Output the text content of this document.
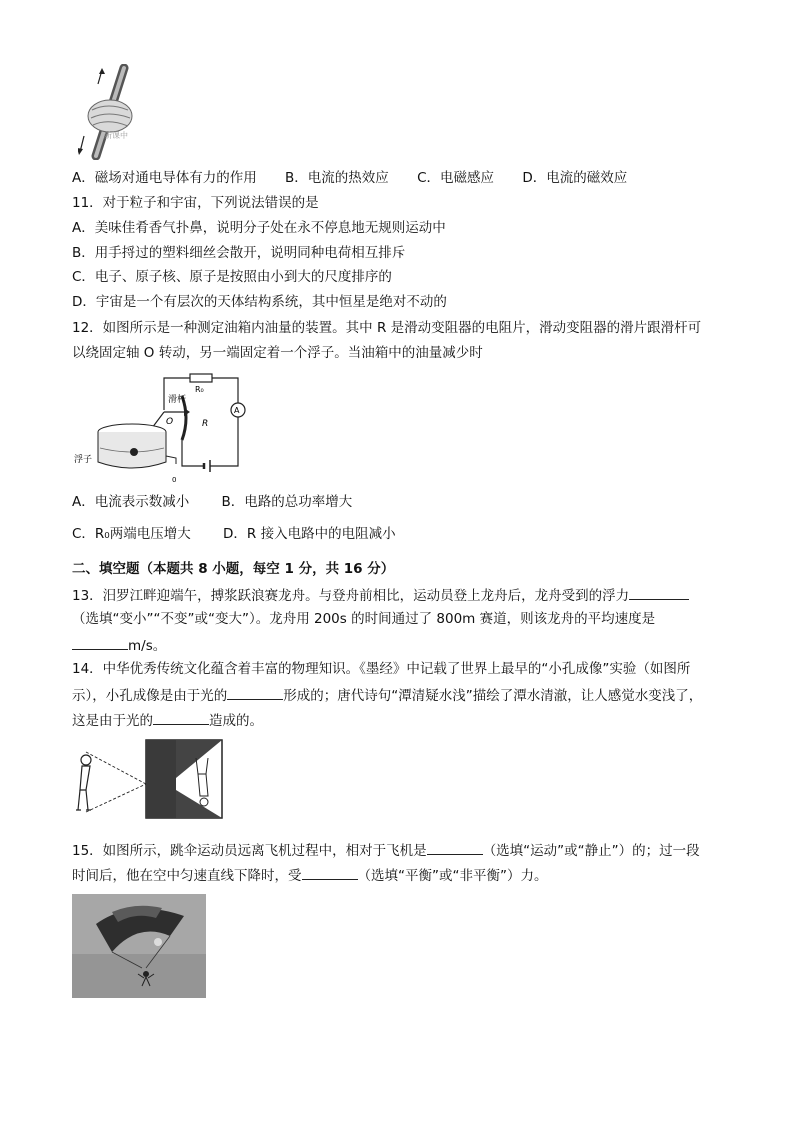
新课中
A．磁场对通电导体有力的作用 B．电流的热效应 C．电磁感应 D．电流的磁效应
11．对于粒子和宇宙，下列说法错误的是
A．美味佳肴香气扑鼻，说明分子处在永不停息地无规则运动中
B．用手捋过的塑料细丝会散开，说明同种电荷相互排斥
C．电子、原子核、原子是按照由小到大的尺度排序的
D．宇宙是一个有层次的天体结构系统，其中恒星是绝对不动的
12．如图所示是一种测定油箱内油量的装置。其中 R 是滑动变阻器的电阻片，滑动变阻器的滑片跟滑杆可
以绕固定轴 O 转动，另一端固定着一个浮子。当油箱中的油量减少时
R₀
A
R
滑杆
O
浮子
0
A．电流表示数减小 B．电路的总功率增大
C．R₀两端电压增大 D．R 接入电路中的电阻减小
二、填空题（本题共 8 小题，每空 1 分，共 16 分）
13．汨罗江畔迎端午，搏浆跃浪赛龙舟。与登舟前相比，运动员登上龙舟后，龙舟受到的浮力
（选填“变小”“不变”或“变大”）。龙舟用 200s 的时间通过了 800m 赛道，则该龙舟的平均速度是
m/s。
14．中华优秀传统文化蕴含着丰富的物理知识。《墨经》中记载了世界上最早的“小孔成像”实验（如图所
示），小孔成像是由于光的	形成的；唐代诗句“潭清疑水浅”描绘了潭水清澈，让人感觉水变浅了，
这是由于光的	造成的。
15．如图所示，跳伞运动员远离飞机过程中，相对于飞机是	（选填“运动”或“静止”）的；过一段
时间后，他在空中匀速直线下降时，受	（选填“平衡”或“非平衡”）力。
